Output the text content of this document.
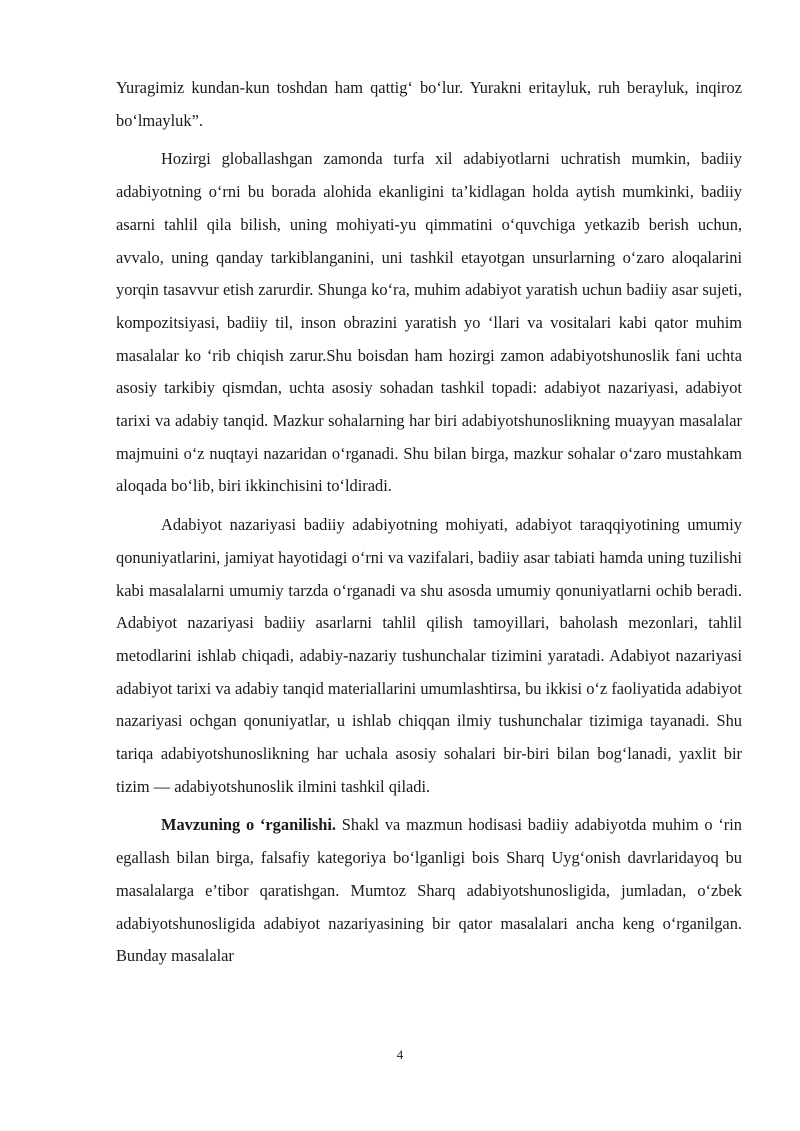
Yuragimiz kundan-kun toshdan ham qattig‘ bo‘lur. Yurakni eritayluk, ruh berayluk, inqiroz bo‘lmayluk”.

Hozirgi globallashgan zamonda turfa xil adabiyotlarni uchratish mumkin, badiiy adabiyotning o‘rni bu borada alohida ekanligini ta’kidlagan holda aytish mumkinki, badiiy asarni tahlil qila bilish, uning mohiyati-yu qimmatini o‘quvchiga yetkazib berish uchun, avvalo, uning qanday tarkiblanganini, uni tashkil etayotgan unsurlarning o‘zaro aloqalarini yorqin tasavvur etish zarurdir. Shunga ko‘ra, muhim adabiyot yaratish uchun badiiy asar sujeti, kompozitsiyasi, badiiy til, inson obrazini yaratish yo ‘llari va vositalari kabi qator muhim masalalar ko ‘rib chiqish zarur.Shu boisdan ham hozirgi zamon adabiyotshunoslik fani uchta asosiy tarkibiy qismdan, uchta asosiy sohadan tashkil topadi: adabiyot nazariyasi, adabiyot tarixi va adabiy tanqid. Mazkur sohalarning har biri adabiyotshunoslikning muayyan masalalar majmuini o‘z nuqtayi nazaridan o‘rganadi. Shu bilan birga, mazkur sohalar o‘zaro mustahkam aloqada bo‘lib, biri ikkinchisini to‘ldiradi.

Adabiyot nazariyasi badiiy adabiyotning mohiyati, adabiyot taraqqiyotining umumiy qonuniyatlarini, jamiyat hayotidagi o‘rni va vazifalari, badiiy asar tabiati hamda uning tuzilishi kabi masalalarni umumiy tarzda o‘rganadi va shu asosda umumiy qonuniyatlarni ochib beradi. Adabiyot nazariyasi badiiy asarlarni tahlil qilish tamoyillari, baholash mezonlari, tahlil metodlarini ishlab chiqadi, adabiy-nazariy tushunchalar tizimini yaratadi. Adabiyot nazariyasi adabiyot tarixi va adabiy tanqid materiallarini umumlashtirsa, bu ikkisi o‘z faoliyatida adabiyot nazariyasi ochgan qonuniyatlar, u ishlab chiqqan ilmiy tushunchalar tizimiga tayanadi. Shu tariqa adabiyotshunoslikning har uchala asosiy sohalari bir-biri bilan bog‘lanadi, yaxlit bir tizim — adabiyotshunoslik ilmini tashkil qiladi.

Mavzuning o ‘rganilishi. Shakl va mazmun hodisasi badiiy adabiyotda muhim o ‘rin egallash bilan birga, falsafiy kategoriya bo‘lganligi bois Sharq Uyg‘onish davrlaridayoq bu masalalarga e’tibor qaratishgan. Mumtoz Sharq adabiyotshunosligida, jumladan, o‘zbek adabiyotshunosligida adabiyot nazariyasining bir qator masalalari ancha keng o‘rganilgan. Bunday masalalar

4
